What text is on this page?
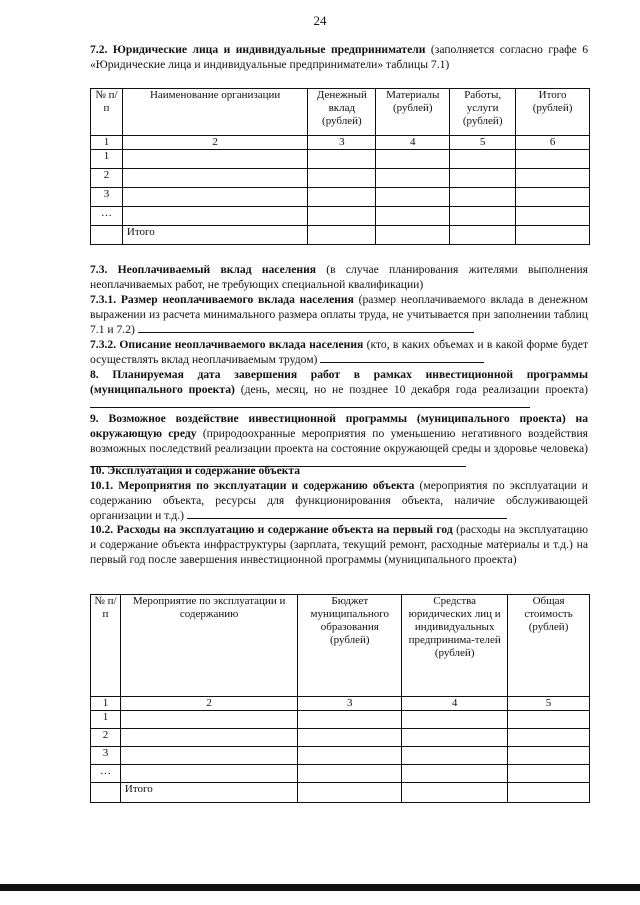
24
7.2. Юридические лица и индивидуальные предприниматели (заполняется согласно графе 6 «Юридические лица и индивидуальные предприниматели» таблицы 7.1)
№ п/п	Наименование организации	Денежный вклад (рублей)	Материалы (рублей)	Работы, услуги (рублей)	Итого (рублей)
1	2	3	4	5	6
1					
2					
3					
…					
	Итого				
7.3. Неоплачиваемый вклад населения (в случае планирования жителями выполнения неоплачиваемых работ, не требующих специальной квалификации)
7.3.1. Размер неоплачиваемого вклада населения (размер неоплачиваемого вклада в денежном выражении из расчета минимального размера оплаты труда, не учитывается при заполнении таблиц 7.1 и 7.2)
7.3.2. Описание неоплачиваемого вклада населения (кто, в каких объемах и в какой форме будет осуществлять вклад неоплачиваемым трудом)
8. Планируемая дата завершения работ в рамках инвестиционной программы (муниципального проекта) (день, месяц, но не позднее 10 декабря года реализации проекта)
9. Возможное воздействие инвестиционной программы (муниципального проекта) на окружающую среду (природоохранные мероприятия по уменьшению негативного воздействия возможных последствий реализации проекта на состояние окружающей среды и здоровье человека)
10. Эксплуатация и содержание объекта
10.1. Мероприятия по эксплуатации и содержанию объекта (мероприятия по эксплуатации и содержанию объекта, ресурсы для функционирования объекта, наличие обслуживающей организации и т.д.)
10.2. Расходы на эксплуатацию и содержание объекта на первый год (расходы на эксплуатацию и содержание объекта инфраструктуры (зарплата, текущий ремонт, расходные материалы и т.д.) на первый год после завершения инвестиционной программы (муниципального проекта)
№ п/п	Мероприятие по эксплуатации и содержанию	Бюджет муниципального образования (рублей)	Средства юридических лиц и индивидуальных предпринима-телей (рублей)	Общая стоимость (рублей)
1	2	3	4	5
1				
2				
3				
…				
	Итого			
